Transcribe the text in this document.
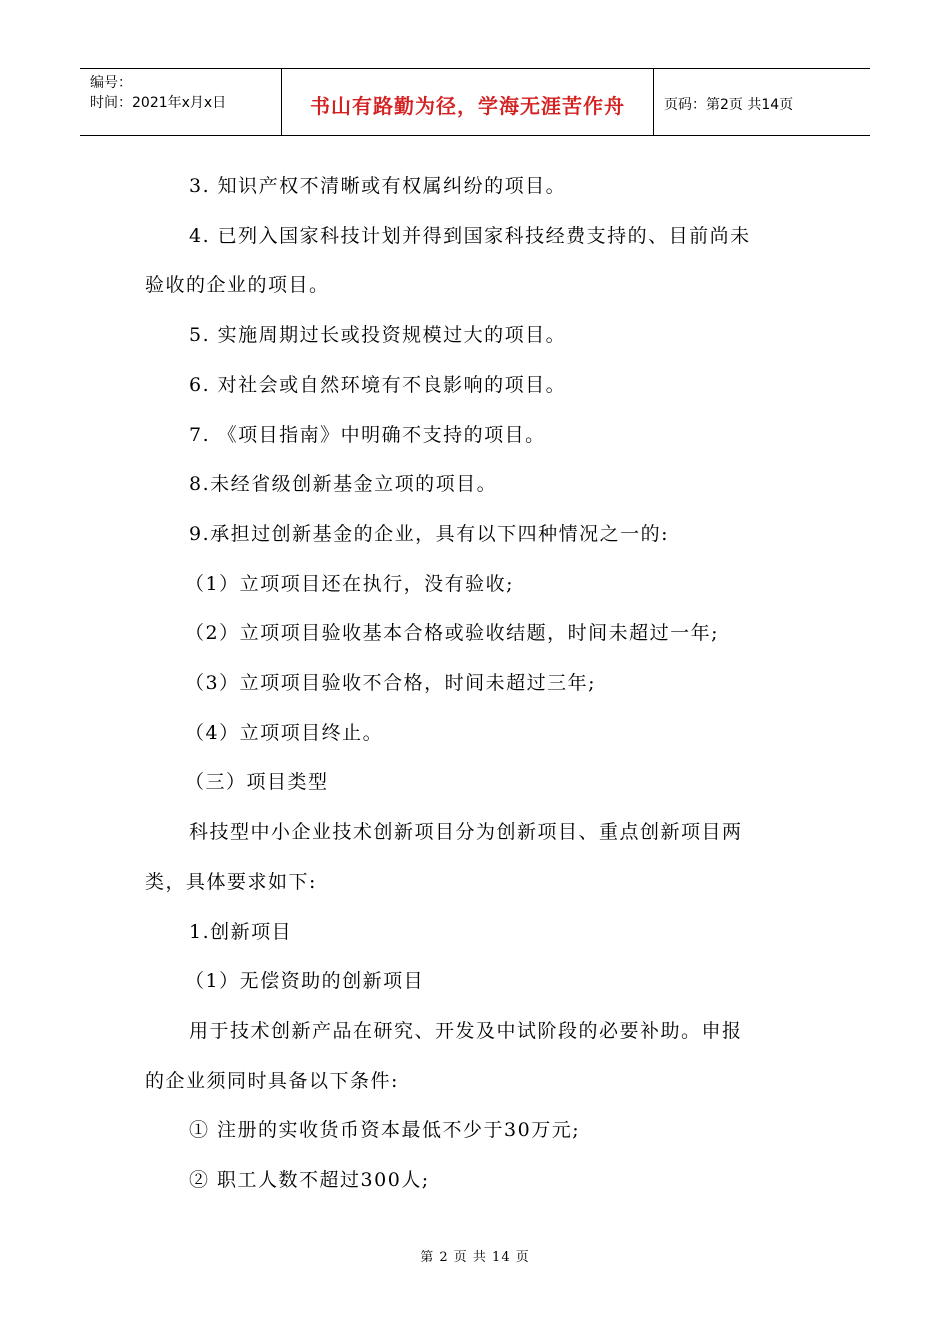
编号：
时间：2021年x月x日	书山有路勤为径，学海无涯苦作舟	页码：第2页 共14页

3. 知识产权不清晰或有权属纠纷的项目。

4. 已列入国家科技计划并得到国家科技经费支持的、目前尚未

验收的企业的项目。

5. 实施周期过长或投资规模过大的项目。

6. 对社会或自然环境有不良影响的项目。

7. 《项目指南》中明确不支持的项目。

8.未经省级创新基金立项的项目。

9.承担过创新基金的企业，具有以下四种情况之一的:

（1）立项项目还在执行，没有验收;

（2）立项项目验收基本合格或验收结题，时间未超过一年;

（3）立项项目验收不合格，时间未超过三年;

（4）立项项目终止。

（三）项目类型

科技型中小企业技术创新项目分为创新项目、重点创新项目两

类，具体要求如下:

1.创新项目

（1）无偿资助的创新项目

用于技术创新产品在研究、开发及中试阶段的必要补助。申报

的企业须同时具备以下条件:

① 注册的实收货币资本最低不少于30万元;

② 职工人数不超过300人;

第 2 页 共 14 页
